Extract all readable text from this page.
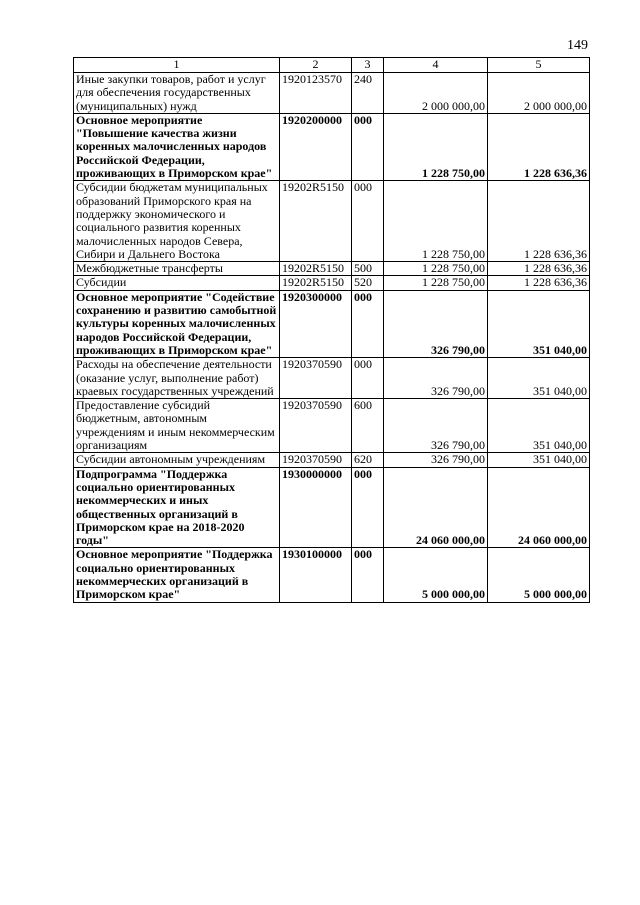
149
1	2	3	4	5
Иные закупки товаров, работ и услуг для обеспечения государственных (муниципальных) нужд	1920123570	240	2 000 000,00	2 000 000,00
Основное мероприятие "Повышение качества жизни коренных малочисленных народов Российской Федерации, проживающих в Приморском крае"	1920200000	000	1 228 750,00	1 228 636,36
Субсидии бюджетам муниципальных образований Приморского края на поддержку экономического и социального развития коренных малочисленных народов Севера, Сибири и Дальнего Востока	19202R5150	000	1 228 750,00	1 228 636,36
Межбюджетные трансферты	19202R5150	500	1 228 750,00	1 228 636,36
Субсидии	19202R5150	520	1 228 750,00	1 228 636,36
Основное мероприятие "Содействие сохранению и развитию самобытной культуры коренных малочисленных народов Российской Федерации, проживающих в Приморском крае"	1920300000	000	326 790,00	351 040,00
Расходы на обеспечение деятельности (оказание услуг, выполнение работ) краевых государственных учреждений	1920370590	000	326 790,00	351 040,00
Предоставление субсидий бюджетным, автономным учреждениям и иным некоммерческим организациям	1920370590	600	326 790,00	351 040,00
Субсидии автономным учреждениям	1920370590	620	326 790,00	351 040,00
Подпрограмма "Поддержка социально ориентированных некоммерческих и иных общественных организаций в Приморском крае на 2018-2020 годы"	1930000000	000	24 060 000,00	24 060 000,00
Основное мероприятие "Поддержка социально ориентированных некоммерческих организаций в Приморском крае"	1930100000	000	5 000 000,00	5 000 000,00
